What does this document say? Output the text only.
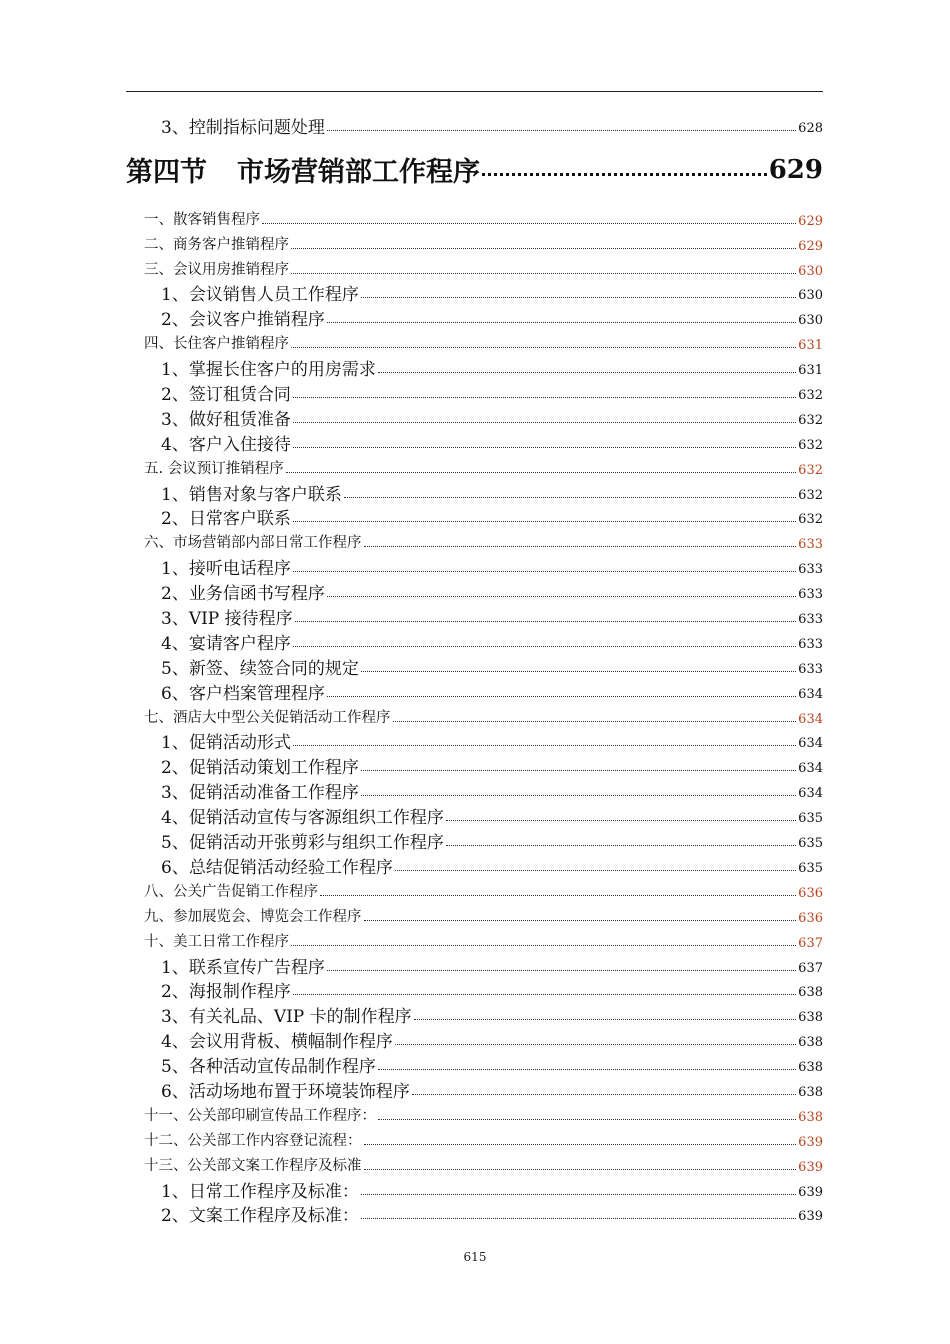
3、控制指标问题处理	628
第四节 市场营销部工作程序	629
一、散客销售程序	629
二、商务客户推销程序	629
三、会议用房推销程序	630
1、会议销售人员工作程序	630
2、会议客户推销程序	630
四、长住客户推销程序	631
1、掌握长住客户的用房需求	631
2、签订租赁合同	632
3、做好租赁准备	632
4、客户入住接待	632
五. 会议预订推销程序	632
1、销售对象与客户联系	632
2、日常客户联系	632
六、市场营销部内部日常工作程序	633
1、接听电话程序	633
2、业务信函书写程序	633
3、VIP 接待程序	633
4、宴请客户程序	633
5、新签、续签合同的规定	633
6、客户档案管理程序	634
七、酒店大中型公关促销活动工作程序	634
1、促销活动形式	634
2、促销活动策划工作程序	634
3、促销活动准备工作程序	634
4、促销活动宣传与客源组织工作程序	635
5、促销活动开张剪彩与组织工作程序	635
6、总结促销活动经验工作程序	635
八、公关广告促销工作程序	636
九、参加展览会、博览会工作程序	636
十、美工日常工作程序	637
1、联系宣传广告程序	637
2、海报制作程序	638
3、有关礼品、VIP 卡的制作程序	638
4、会议用背板、横幅制作程序	638
5、各种活动宣传品制作程序	638
6、活动场地布置于环境装饰程序	638
十一、公关部印刷宣传品工作程序：	638
十二、公关部工作内容登记流程：	639
十三、公关部文案工作程序及标准	639
1、日常工作程序及标准：	639
2、文案工作程序及标准：	639
615
